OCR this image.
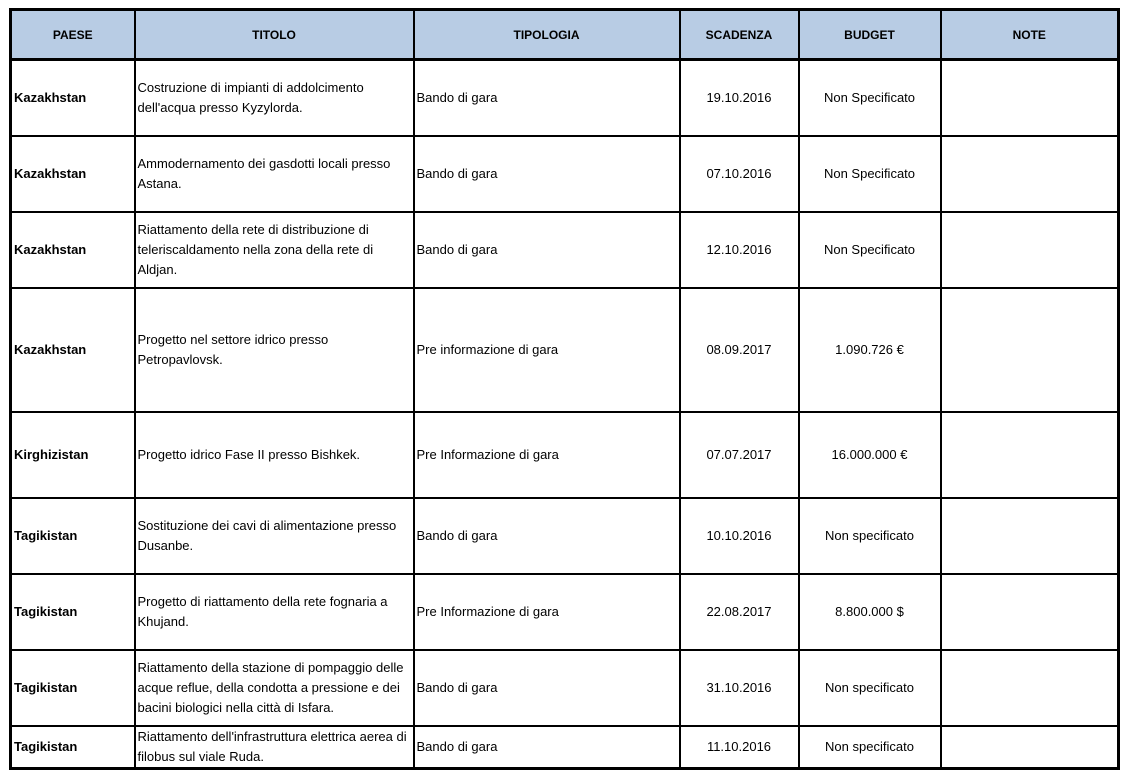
PAESE	TITOLO	TIPOLOGIA	SCADENZA	BUDGET	NOTE
Kazakhstan	Costruzione di impianti di addolcimento dell'acqua presso Kyzylorda.	Bando di gara	19.10.2016	Non Specificato	
Kazakhstan	Ammodernamento dei gasdotti locali presso Astana.	Bando di gara	07.10.2016	Non Specificato	
Kazakhstan	Riattamento della rete di distribuzione di teleriscaldamento nella zona della rete di Aldjan.	Bando di gara	12.10.2016	Non Specificato	
Kazakhstan	Progetto nel settore idrico presso Petropavlovsk.	Pre informazione di gara	08.09.2017	1.090.726 €	
Kirghizistan	Progetto idrico Fase II presso Bishkek.	Pre Informazione di gara	07.07.2017	16.000.000 €	
Tagikistan	Sostituzione dei cavi di alimentazione presso Dusanbe.	Bando di gara	10.10.2016	Non specificato	
Tagikistan	Progetto di riattamento della rete fognaria a Khujand.	Pre Informazione di gara	22.08.2017	8.800.000 $	
Tagikistan	Riattamento della stazione di pompaggio delle acque reflue, della condotta a pressione e dei bacini biologici nella città di Isfara.	Bando di gara	31.10.2016	Non specificato	
Tagikistan	Riattamento dell'infrastruttura elettrica aerea di filobus sul viale Ruda.	Bando di gara	11.10.2016	Non specificato	
